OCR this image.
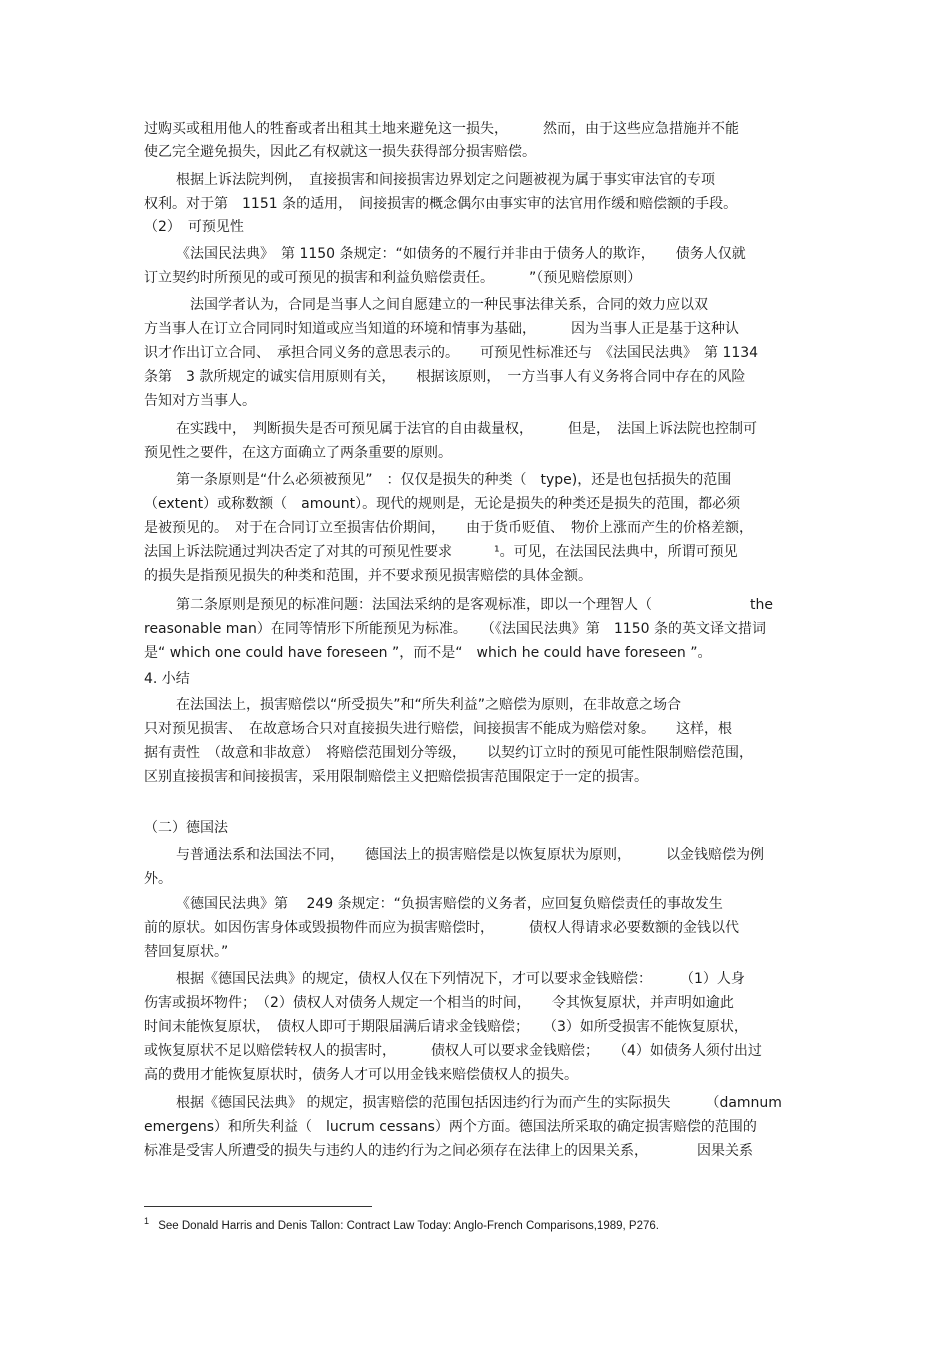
过购买或租用他人的牲畜或者出租其土地来避免这一损失，　　　然而，由于这些应急措施并不能
使乙完全避免损失，因此乙有权就这一损失获得部分损害赔偿。
根据上诉法院判例，　直接损害和间接损害边界划定之问题被视为属于事实审法官的专项
权利。对于第　1151 条的适用，　间接损害的概念偶尔由事实审的法官用作缓和赔偿额的手段。
（2）　可预见性
《法国民法典》　第 1150 条规定：“如债务的不履行并非由于债务人的欺诈，　　债务人仅就
订立契约时所预见的或可预见的损害和利益负赔偿责任。　　　”（预见赔偿原则）
　法国学者认为，合同是当事人之间自愿建立的一种民事法律关系，合同的效力应以双
方当事人在订立合同同时知道或应当知道的环境和情事为基础，　　　因为当事人正是基于这种认
识才作出订立合同、　承担合同义务的意思表示的。　　可预见性标准还与　《法国民法典》　第 1134
条第　3 款所规定的诚实信用原则有关，　　根据该原则，　一方当事人有义务将合同中存在的风险
告知对方当事人。
在实践中，　判断损失是否可预见属于法官的自由裁量权，　　　但是，　法国上诉法院也控制可
预见性之要件，在这方面确立了两条重要的原则。
第一条原则是“什么必须被预见”　：仅仅是损失的种类（　type)，还是也包括损失的范围
（extent）或称数额（　amount）。现代的规则是，无论是损失的种类还是损失的范围，都必须
是被预见的。　对于在合同订立至损害估价期间，　　由于货币贬值、　物价上涨而产生的价格差额，
法国上诉法院通过判决否定了对其的可预见性要求　　　¹。可见，在法国民法典中，所谓可预见
的损失是指预见损失的种类和范围，并不要求预见损害赔偿的具体金额。
第二条原则是预见的标准问题：法国法采纳的是客观标准，即以一个理智人（　　　　　　　the
reasonable man）在同等情形下所能预见为标准。　　（《法国民法典》第　1150 条的英文译文措词
是“ which one could have foreseen ”，而不是“　which he could have foreseen ”。
4. 小结
在法国法上，损害赔偿以“所受损失”和“所失利益”之赔偿为原则，在非故意之场合
只对预见损害、　在故意场合只对直接损失进行赔偿，间接损害不能成为赔偿对象。　　这样，根
据有责性　（故意和非故意）　将赔偿范围划分等级，　　以契约订立时的预见可能性限制赔偿范围，
区别直接损害和间接损害，采用限制赔偿主义把赔偿损害范围限定于一定的损害。
（二）德国法
与普通法系和法国法不同，　　德国法上的损害赔偿是以恢复原状为原则，　　　以金钱赔偿为例
外。
《德国民法典》第　 249 条规定：“负损害赔偿的义务者，应回复负赔偿责任的事故发生
前的原状。如因伤害身体或毁损物件而应为损害赔偿时，　　　债权人得请求必要数额的金钱以代
替回复原状。”
根据《德国民法典》的规定，债权人仅在下列情况下，才可以要求金钱赔偿：　　　（1）人身
伤害或损坏物件；　（2）债权人对债务人规定一个相当的时间，　　令其恢复原状，并声明如逾此
时间未能恢复原状，　债权人即可于期限届满后请求金钱赔偿；　　（3）如所受损害不能恢复原状，
或恢复原状不足以赔偿转权人的损害时，　　　债权人可以要求金钱赔偿；　　（4）如债务人须付出过
高的费用才能恢复原状时，债务人才可以用金钱来赔偿债权人的损失。
根据《德国民法典》 的规定，损害赔偿的范围包括因违约行为而产生的实际损失　　　（damnum
emergens）和所失利益（　lucrum cessans）两个方面。德国法所采取的确定损害赔偿的范围的
标准是受害人所遭受的损失与违约人的违约行为之间必须存在法律上的因果关系，　　　　因果关系
$^1$ See Donald Harris and Denis Tallon: Contract Law Today: Anglo-French Comparisons,1989, P276.
